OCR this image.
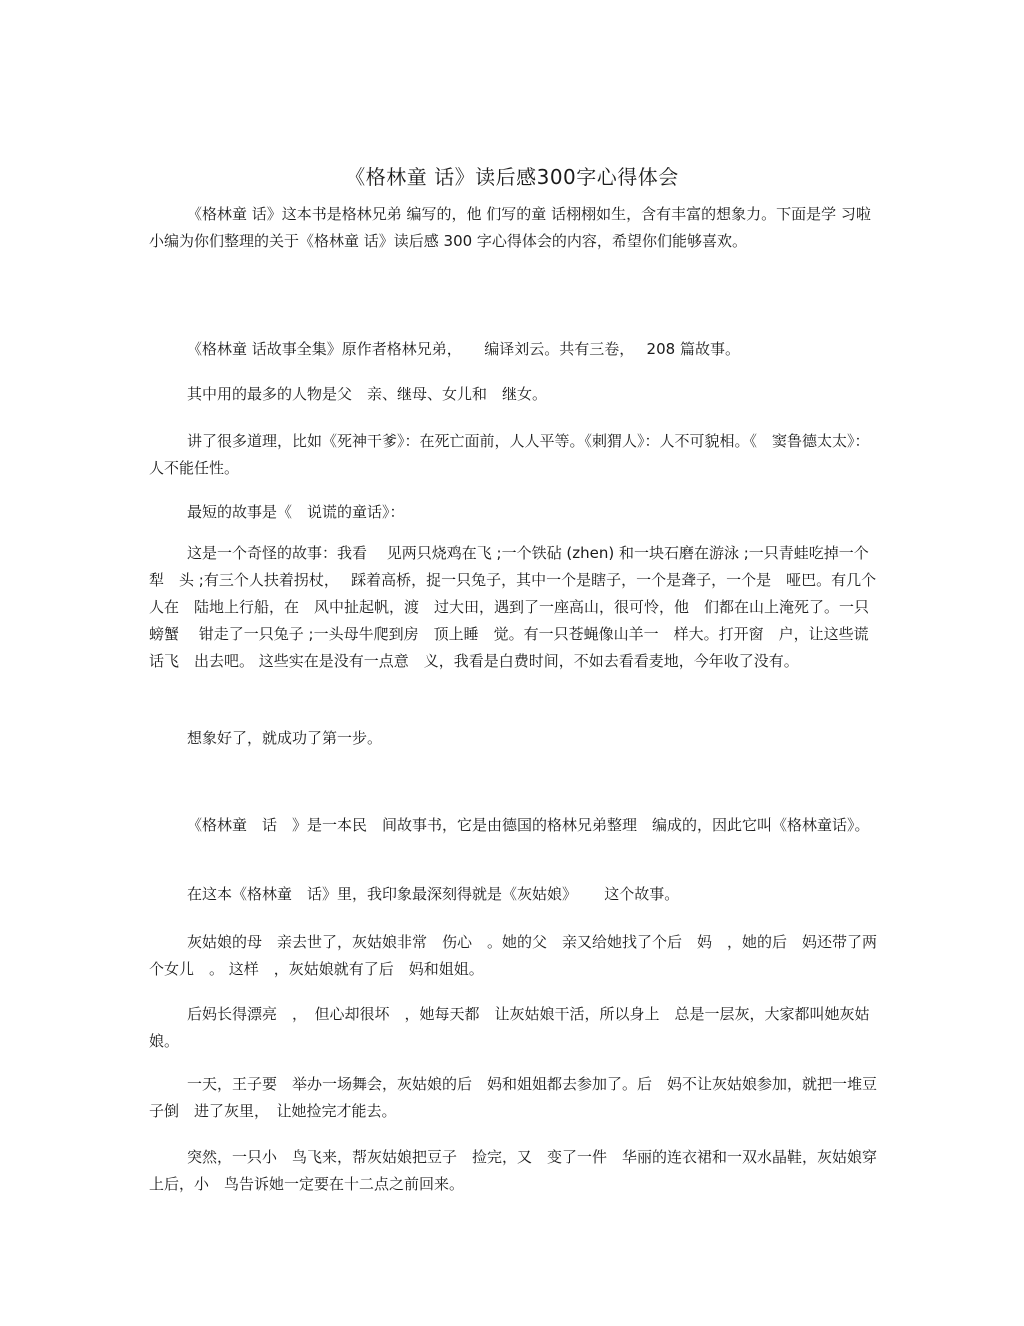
《格林童 话》读后感300字心得体会

《格林童 话》这本书是格林兄弟 编写的，他 们写的童 话栩栩如生，含有丰富的想象力。下面是学 习啦小编为你们整理的关于《格林童 话》读后感 300 字心得体会的内容，希望你们能够喜欢。

《格林童 话故事全集》原作者格林兄弟，　　编译刘云。共有三卷，　 208 篇故事。

其中用的最多的人物是父　亲、继母、女儿和　继女。

讲了很多道理，比如《死神干爹》：在死亡面前，人人平等。《刺猬人》：人不可貌相。《　窦鲁德太太》：人不能任性。

最短的故事是《　说谎的童话》：

这是一个奇怪的故事：我看　 见两只烧鸡在飞 ;一个铁砧 (zhen) 和一块石磨在游泳 ;一只青蛙吃掉一个犁　头 ;有三个人扶着拐杖，　 踩着高桥，捉一只兔子，其中一个是瞎子，一个是聋子，一个是　哑巴。有几个人在　陆地上行船，在　风中扯起帆，渡　过大田，遇到了一座高山，很可怜，他　们都在山上淹死了。一只螃蟹　 钳走了一只兔子 ;一头母牛爬到房　顶上睡　觉。有一只苍蝇像山羊一　样大。打开窗　户，让这些谎话飞　出去吧。 这些实在是没有一点意　义，我看是白费时间，不如去看看麦地，今年收了没有。

想象好了，就成功了第一步。

《格林童　话　》是一本民　间故事书，它是由德国的格林兄弟整理　编成的，因此它叫《格林童话》。

在这本《格林童　话》里，我印象最深刻得就是《灰姑娘》　　 这个故事。

灰姑娘的母　亲去世了，灰姑娘非常　伤心　。她的父　亲又给她找了个后　妈　，她的后　妈还带了两个女儿　。 这样　，灰姑娘就有了后　妈和姐姐。

后妈长得漂亮　，　但心却很坏　，她每天都　让灰姑娘干活，所以身上　总是一层灰，大家都叫她灰姑娘。

一天，王子要　举办一场舞会，灰姑娘的后　妈和姐姐都去参加了。后　妈不让灰姑娘参加，就把一堆豆子倒　进了灰里，　让她捡完才能去。

突然，一只小　鸟飞来，帮灰姑娘把豆子　捡完，又　变了一件　华丽的连衣裙和一双水晶鞋，灰姑娘穿上后，小　鸟告诉她一定要在十二点之前回来。
